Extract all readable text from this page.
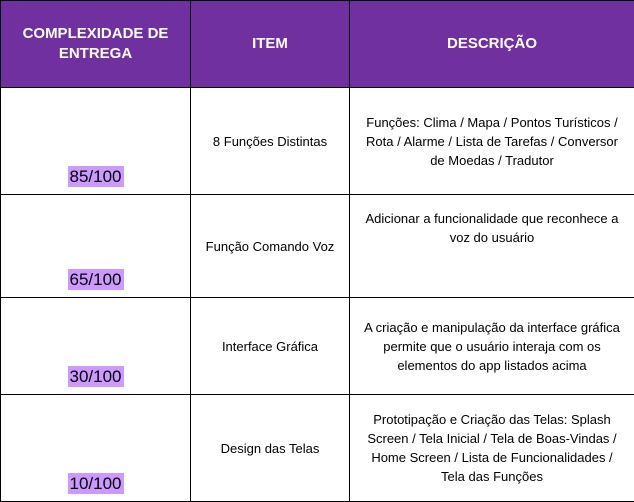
COMPLEXIDADE DE ENTREGA	ITEM	DESCRIÇÃO
85/100	8 Funções Distintas	Funções: Clima / Mapa / Pontos Turísticos / Rota / Alarme / Lista de Tarefas / Conversor de Moedas / Tradutor
65/100	Função Comando Voz	Adicionar a funcionalidade que reconhece a voz do usuário
30/100	Interface Gráfica	A criação e manipulação da interface gráfica permite que o usuário interaja com os elementos do app listados acima
10/100	Design das Telas	Prototipação e Criação das Telas: Splash Screen / Tela Inicial / Tela de Boas-Vindas / Home Screen / Lista de Funcionalidades / Tela das Funções
